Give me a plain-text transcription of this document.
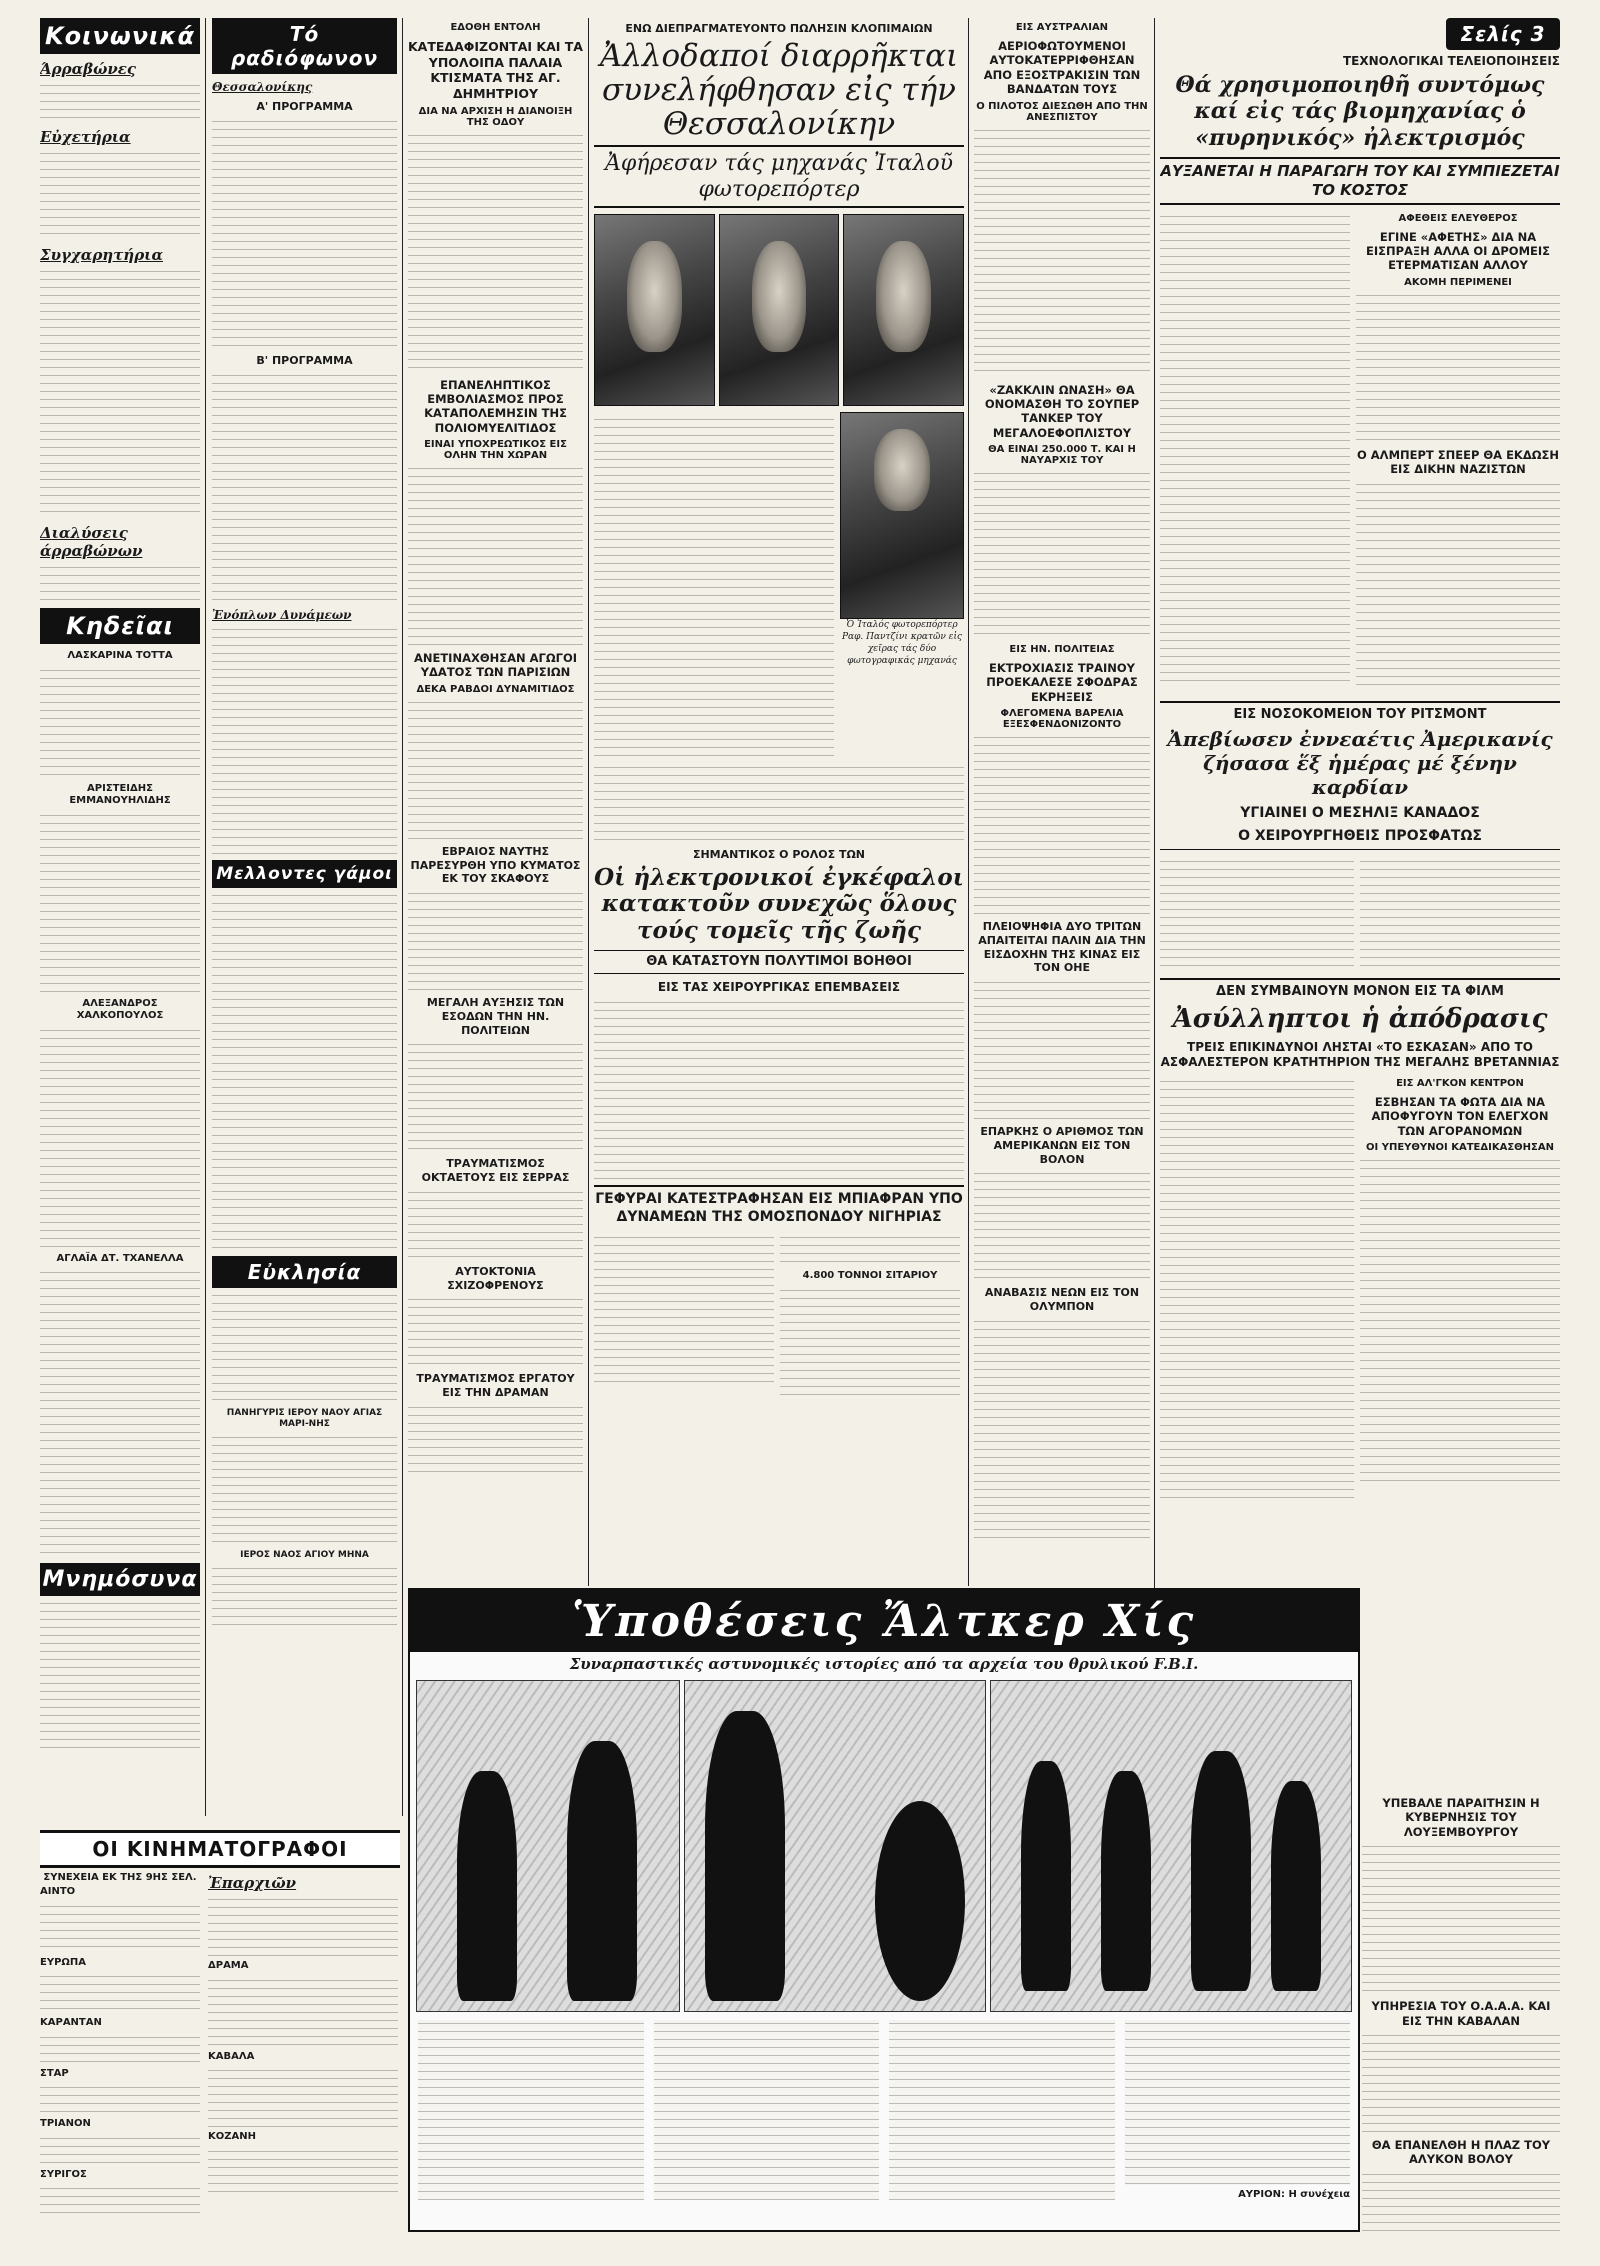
Κοινωνικά
Άρραβώνες
Εὐχετήρια
Συγχαρητήρια
Διαλύσεις άρραβώνων
Κηδεῖαι
ΛΑΣΚΑΡΙΝΑ ΤΟΤΤΑ
ΑΡΙΣΤΕΙΔΗΣ ΕΜΜΑΝΟΥΗΛΙΔΗΣ
ΑΛΕΞΑΝΔΡΟΣ ΧΑΛΚΟΠΟΥΛΟΣ
ΑΓΛΑΪΑ ΔΤ. ΤΧΑΝΕΛΛΑ
Μνημόσυνα
ΟΙ ΚΙΝΗΜΑΤΟΓΡΑΦΟΙ
ΣΥΝΕΧΕΙΑ ΕΚ ΤΗΣ 9ΗΣ ΣΕΛ.
ΑΙΝΤΟ
ΕΥΡΩΠΑ
ΚΑΡΑΝΤΑΝ
ΣΤΑΡ
ΤΡΙΑΝΟΝ
ΣΥΡΙΓΟΣ
Ἐπαρχιῶν
ΔΡΑΜΑ
ΚΑΒΑΛΑ
ΚΟΖΑΝΗ
Τό ραδιόφωνον
Θεσσαλονίκης
Α' ΠΡΟΓΡΑΜΜΑ
Β' ΠΡΟΓΡΑΜΜΑ
Ἐνόπλων Δυνάμεων
Μελλοντες γάμοι
Εὐκλησία
ΠΑΝΗΓΥΡΙΣ ΙΕΡΟΥ ΝΑΟΥ ΑΓΙΑΣ ΜΑΡΙ-ΝΗΣ
ΙΕΡΟΣ ΝΑΟΣ ΑΓΙΟΥ ΜΗΝΑ
ΕΔΟΘΗ ΕΝΤΟΛΗ
ΚΑΤΕΔΑΦΙΖΟΝΤΑΙ ΚΑΙ ΤΑ ΥΠΟΛΟΙΠΑ ΠΑΛΑΙΑ ΚΤΙΣΜΑΤΑ ΤΗΣ ΑΓ. ΔΗΜΗΤΡΙΟΥ
ΔΙΑ ΝΑ ΑΡΧΙΣΗ Η ΔΙΑΝΟΙΞΗ ΤΗΣ ΟΔΟΥ
ΕΠΑΝΕΛΗΠΤΙΚΟΣ ΕΜΒΟΛΙΑΣΜΟΣ ΠΡΟΣ ΚΑΤΑΠΟΛΕΜΗΣΙΝ ΤΗΣ ΠΟΛΙΟΜΥΕΛΙΤΙΔΟΣ
ΕΙΝΑΙ ΥΠΟΧΡΕΩΤΙΚΟΣ ΕΙΣ ΟΛΗΝ ΤΗΝ ΧΩΡΑΝ
ΑΝΕΤΙΝΑΧΘΗΣΑΝ ΑΓΩΓΟΙ ΥΔΑΤΟΣ ΤΩΝ ΠΑΡΙΣΙΩΝ
ΔΕΚΑ ΡΑΒΔΟΙ ΔΥΝΑΜΙΤΙΔΟΣ
ΕΒΡΑΙΟΣ ΝΑΥΤΗΣ ΠΑΡΕΣΥΡΘΗ ΥΠΟ ΚΥΜΑΤΟΣ ΕΚ ΤΟΥ ΣΚΑΦΟΥΣ
ΜΕΓΑΛΗ ΑΥΞΗΣΙΣ ΤΩΝ ΕΣΟΔΩΝ ΤΗΝ ΗΝ. ΠΟΛΙΤΕΙΩΝ
ΤΡΑΥΜΑΤΙΣΜΟΣ ΟΚΤΑΕΤΟΥΣ ΕΙΣ ΣΕΡΡΑΣ
ΑΥΤΟΚΤΟΝΙΑ ΣΧΙΖΟΦΡΕΝΟΥΣ
ΤΡΑΥΜΑΤΙΣΜΟΣ ΕΡΓΑΤΟΥ ΕΙΣ ΤΗΝ ΔΡΑΜΑΝ
ΕΝΩ ΔΙΕΠΡΑΓΜΑΤΕΥΟΝΤΟ ΠΩΛΗΣΙΝ ΚΛΟΠΙΜΑΙΩΝ
Ἀλλοδαποί διαρρῆκται συνελήφθησαν εἰς τήν Θεσσαλονίκην
Ἀφήρεσαν τάς μηχανάς Ἰταλοῦ φωτορεπόρτερ
Ὁ Ἰταλός φωτορεπόρτερ Ραφ. Παντζίνι κρατῶν εἰς χεῖρας τάς δύο φωτογραφικάς μηχανάς
ΣΗΜΑΝΤΙΚΟΣ Ο ΡΟΛΟΣ ΤΩΝ
Οἱ ἠλεκτρονικοί ἐγκέφαλοι κατακτοῦν συνεχῶς ὅλους τούς τομεῖς τῆς ζωῆς
ΘΑ ΚΑΤΑΣΤΟΥΝ ΠΟΛΥΤΙΜΟΙ ΒΟΗΘΟΙ
ΕΙΣ ΤΑΣ ΧΕΙΡΟΥΡΓΙΚΑΣ ΕΠΕΜΒΑΣΕΙΣ
ΓΕΦΥΡΑΙ ΚΑΤΕΣΤΡΑΦΗΣΑΝ ΕΙΣ ΜΠΙΑΦΡΑΝ ΥΠΟ ΔΥΝΑΜΕΩΝ ΤΗΣ ΟΜΟΣΠΟΝΔΟΥ ΝΙΓΗΡΙΑΣ
4.800 ΤΟΝΝΟΙ ΣΙΤΑΡΙΟΥ
ΕΙΣ ΑΥΣΤΡΑΛΙΑΝ
ΑΕΡΙΟΦΩΤΟΥΜΕΝΟΙ ΑΥΤΟΚΑΤΕΡΡΙΦΘΗΣΑΝ ΑΠΟ ΕΞΟΣΤΡΑΚΙΣΙΝ ΤΩΝ ΒΑΝΔΑΤΩΝ ΤΟΥΣ
Ο ΠΙΛΟΤΟΣ ΔΙΕΣΩΘΗ ΑΠΟ ΤΗΝ ΑΝΕΣΠΙΣΤΟΥ
«ΖΑΚΚΛΙΝ ΩΝΑΣΗ» ΘΑ ΟΝΟΜΑΣΘΗ ΤΟ ΣΟΥΠΕΡ ΤΑΝΚΕΡ ΤΟΥ ΜΕΓΑΛΟΕΦΟΠΛΙΣΤΟΥ
ΘΑ ΕΙΝΑΙ 250.000 Τ. ΚΑΙ Η ΝΑΥΑΡΧΙΣ ΤΟΥ
ΕΙΣ ΗΝ. ΠΟΛΙΤΕΙΑΣ
ΕΚΤΡΟΧΙΑΣΙΣ ΤΡΑΙΝΟΥ ΠΡΟΕΚΑΛΕΣΕ ΣΦΟΔΡΑΣ ΕΚΡΗΞΕΙΣ
ΦΛΕΓΟΜΕΝΑ ΒΑΡΕΛΙΑ ΕΞΕΣΦΕΝΔΟΝΙΖΟΝΤΟ
ΠΛΕΙΟΨΗΦΙΑ ΔΥΟ ΤΡΙΤΩΝ ΑΠΑΙΤΕΙΤΑΙ ΠΑΛΙΝ ΔΙΑ ΤΗΝ ΕΙΣΔΟΧΗΝ ΤΗΣ ΚΙΝΑΣ ΕΙΣ ΤΟΝ ΟΗΕ
ΕΠΑΡΚΗΣ Ο ΑΡΙΘΜΟΣ ΤΩΝ ΑΜΕΡΙΚΑΝΩΝ ΕΙΣ ΤΟΝ ΒΟΛΟΝ
ΑΝΑΒΑΣΙΣ ΝΕΩΝ ΕΙΣ ΤΟΝ ΟΛΥΜΠΟΝ
Σελίς 3
ΤΕΧΝΟΛΟΓΙΚΑΙ ΤΕΛΕΙΟΠΟΙΗΣΕΙΣ
Θά χρησιμοποιηθῆ συντόμως καί εἰς τάς βιομηχανίας ὁ «πυρηνικός» ἠλεκτρισμός
ΑΥΞΑΝΕΤΑΙ Η ΠΑΡΑΓΩΓΗ ΤΟΥ ΚΑΙ ΣΥΜΠΙΕΖΕΤΑΙ ΤΟ ΚΟΣΤΟΣ
ΑΦΕΘΕΙΣ ΕΛΕΥΘΕΡΟΣ
ΕΓΙΝΕ «ΑΦΕΤΗΣ» ΔΙΑ ΝΑ ΕΙΣΠΡΑΞΗ ΑΛΛΑ ΟΙ ΔΡΟΜΕΙΣ ΕΤΕΡΜΑΤΙΣΑΝ ΑΛΛΟΥ
ΑΚΟΜΗ ΠΕΡΙΜΕΝΕΙ
Ο ΑΛΜΠΕΡΤ ΣΠΕΕΡ ΘΑ ΕΚΔΩΣΗ ΕΙΣ ΔΙΚΗΝ ΝΑΖΙΣΤΩΝ
ΕΙΣ ΝΟΣΟΚΟΜΕΙΟΝ ΤΟΥ ΡΙΤΣΜΟΝΤ
Ἀπεβίωσεν ἐννεαέτις Ἀμερικανίς ζήσασα ἕξ ἡμέρας μέ ξένην καρδίαν
ΥΓΙΑΙΝΕΙ Ο ΜΕΣΗΛΙΞ ΚΑΝΑΔΟΣ
Ο ΧΕΙΡΟΥΡΓΗΘΕΙΣ ΠΡΟΣΦΑΤΩΣ
ΔΕΝ ΣΥΜΒΑΙΝΟΥΝ ΜΟΝΟΝ ΕΙΣ ΤΑ ΦΙΛΜ
Ἀσύλληπτοι ἡ ἀπόδρασις
ΤΡΕΙΣ ΕΠΙΚΙΝΔΥΝΟΙ ΛΗΣΤΑΙ «ΤΟ ΕΣΚΑΣΑΝ» ΑΠΟ ΤΟ ΑΣΦΑΛΕΣΤΕΡΟΝ ΚΡΑΤΗΤΗΡΙΟΝ ΤΗΣ ΜΕΓΑΛΗΣ ΒΡΕΤΑΝΝΙΑΣ
ΕΙΣ ΑΛ'ΓΚΟΝ ΚΕΝΤΡΟΝ
ΕΣΒΗΣΑΝ ΤΑ ΦΩΤΑ ΔΙΑ ΝΑ ΑΠΟΦΥΓΟΥΝ ΤΟΝ ΕΛΕΓΧΟΝ ΤΩΝ ΑΓΟΡΑΝΟΜΩΝ
ΟΙ ΥΠΕΥΘΥΝΟΙ ΚΑΤΕΔΙΚΑΣΘΗΣΑΝ
ΥΠΕΒΑΛΕ ΠΑΡΑΙΤΗΣΙΝ Η ΚΥΒΕΡΝΗΣΙΣ ΤΟΥ ΛΟΥΞΕΜΒΟΥΡΓΟΥ
ΥΠΗΡΕΣΙΑ ΤΟΥ Ο.Α.Α.Α. ΚΑΙ ΕΙΣ ΤΗΝ ΚΑΒΑΛΑΝ
ΘΑ ΕΠΑΝΕΛΘΗ Η ΠΛΑΖ ΤΟΥ ΑΛΥΚΟΝ ΒΟΛΟΥ
Ὑποθέσεις Ἄλτκερ Χίς
Συναρπαστικές αστυνομικές ιστορίες από τα αρχεία του θρυλικού F.B.I.
ΑΥΡΙΟΝ: Η συνέχεια
